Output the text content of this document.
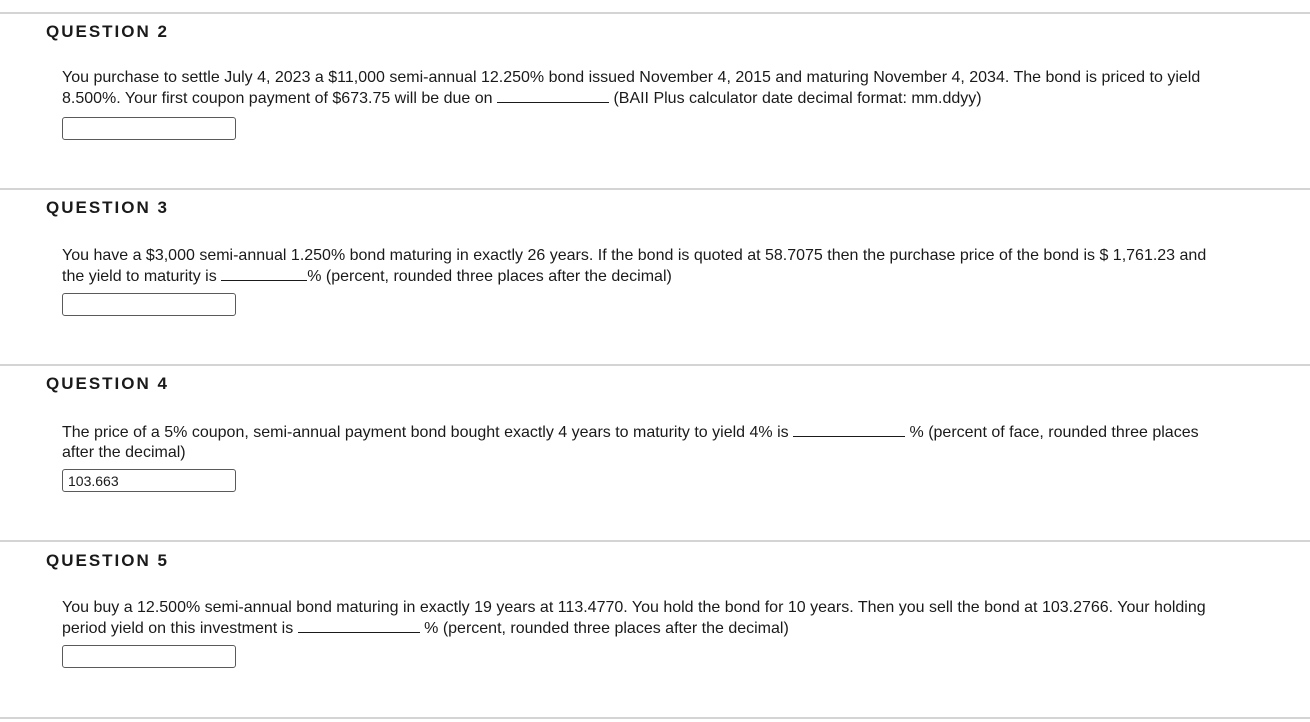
QUESTION 2
You purchase to settle July 4, 2023 a $11,000 semi-annual 12.250% bond issued November 4, 2015 and maturing November 4, 2034. The bond is priced to yield 8.500%. Your first coupon payment of $673.75 will be due on	(BAII Plus calculator date decimal format: mm.ddyy)
QUESTION 3
You have a $3,000 semi-annual 1.250% bond maturing in exactly 26 years. If the bond is quoted at 58.7075 then the purchase price of the bond is $ 1,761.23 and the yield to maturity is	% (percent, rounded three places after the decimal)
QUESTION 4
The price of a 5% coupon, semi-annual payment bond bought exactly 4 years to maturity to yield 4% is	% (percent of face, rounded three places after the decimal)
103.663
QUESTION 5
You buy a 12.500% semi-annual bond maturing in exactly 19 years at 113.4770. You hold the bond for 10 years. Then you sell the bond at 103.2766. Your holding period yield on this investment is	% (percent, rounded three places after the decimal)
